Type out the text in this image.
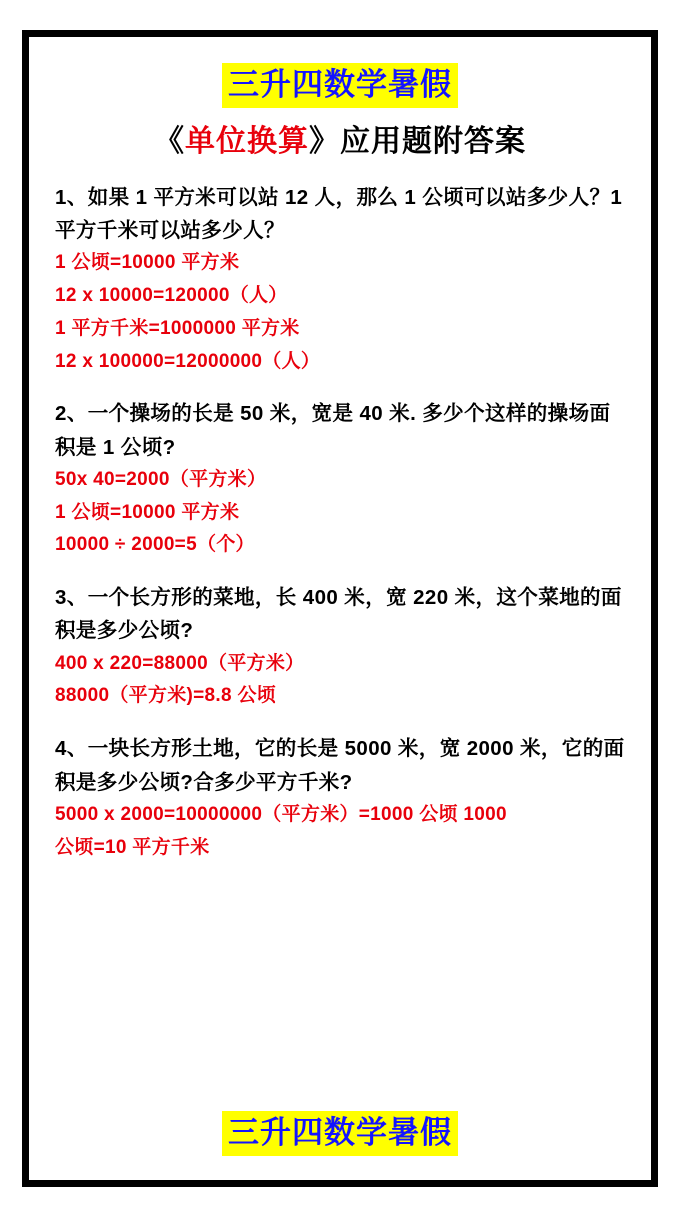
三升四数学暑假
《单位换算》应用题附答案
1、如果 1 平方米可以站 12 人，那么 1 公顷可以站多少人？1 平方千米可以站多少人？
1 公顷=10000 平方米
12 x 10000=120000（人）
1 平方千米=1000000 平方米
12 x 100000=12000000（人）
2、一个操场的长是 50 米，宽是 40 米. 多少个这样的操场面积是 1 公顷?
50x 40=2000（平方米）
1 公顷=10000 平方米
10000 ÷ 2000=5（个）
3、一个长方形的菜地，长 400 米，宽 220 米，这个菜地的面积是多少公顷?
400 x 220=88000（平方米）
88000（平方米)=8.8 公顷
4、一块长方形土地，它的长是 5000 米，宽 2000 米，它的面积是多少公顷?合多少平方千米?
5000 x 2000=10000000（平方米）=1000 公顷 1000
公顷=10 平方千米
三升四数学暑假
